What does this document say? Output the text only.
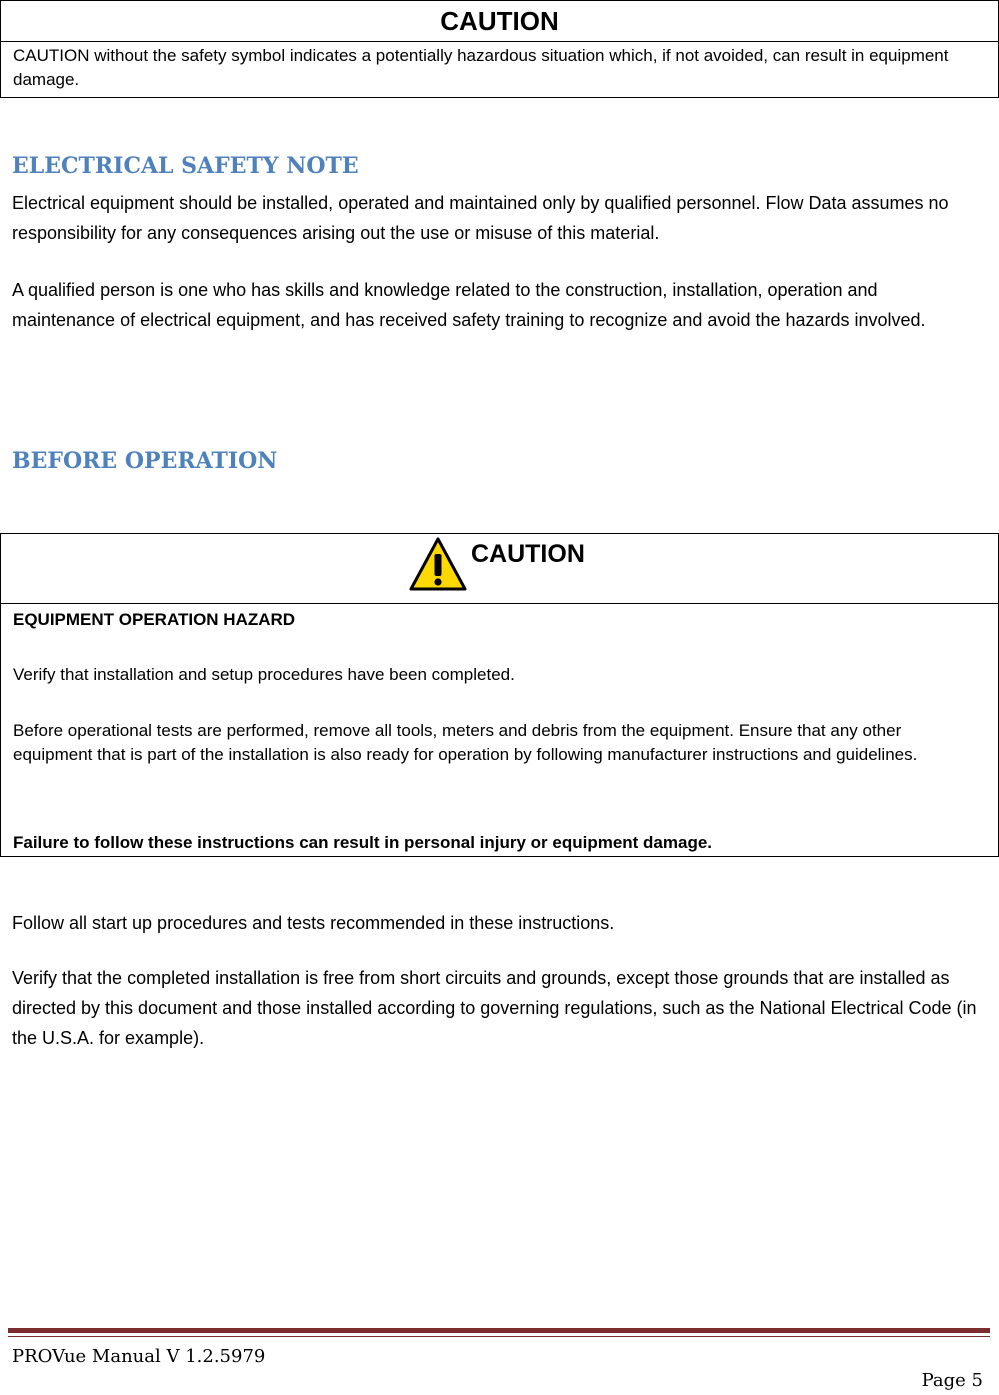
CAUTION
CAUTION without the safety symbol indicates a potentially hazardous situation which, if not avoided, can result in equipment damage.
ELECTRICAL SAFETY NOTE
Electrical equipment should be installed, operated and maintained only by qualified personnel. Flow Data assumes no responsibility for any consequences arising out the use or misuse of this material.
A qualified person is one who has skills and knowledge related to the construction, installation, operation and maintenance of electrical equipment, and has received safety training to recognize and avoid the hazards involved.
BEFORE OPERATION
CAUTION
EQUIPMENT OPERATION HAZARD
Verify that installation and setup procedures have been completed.
Before operational tests are performed, remove all tools, meters and debris from the equipment. Ensure that any other equipment that is part of the installation is also ready for operation by following manufacturer instructions and guidelines.
Failure to follow these instructions can result in personal injury or equipment damage.
Follow all start up procedures and tests recommended in these instructions.
Verify that the completed installation is free from short circuits and grounds, except those grounds that are installed as directed by this document and those installed according to governing regulations, such as the National Electrical Code (in the U.S.A. for example).
PROVue Manual V 1.2.5979
Page 5
